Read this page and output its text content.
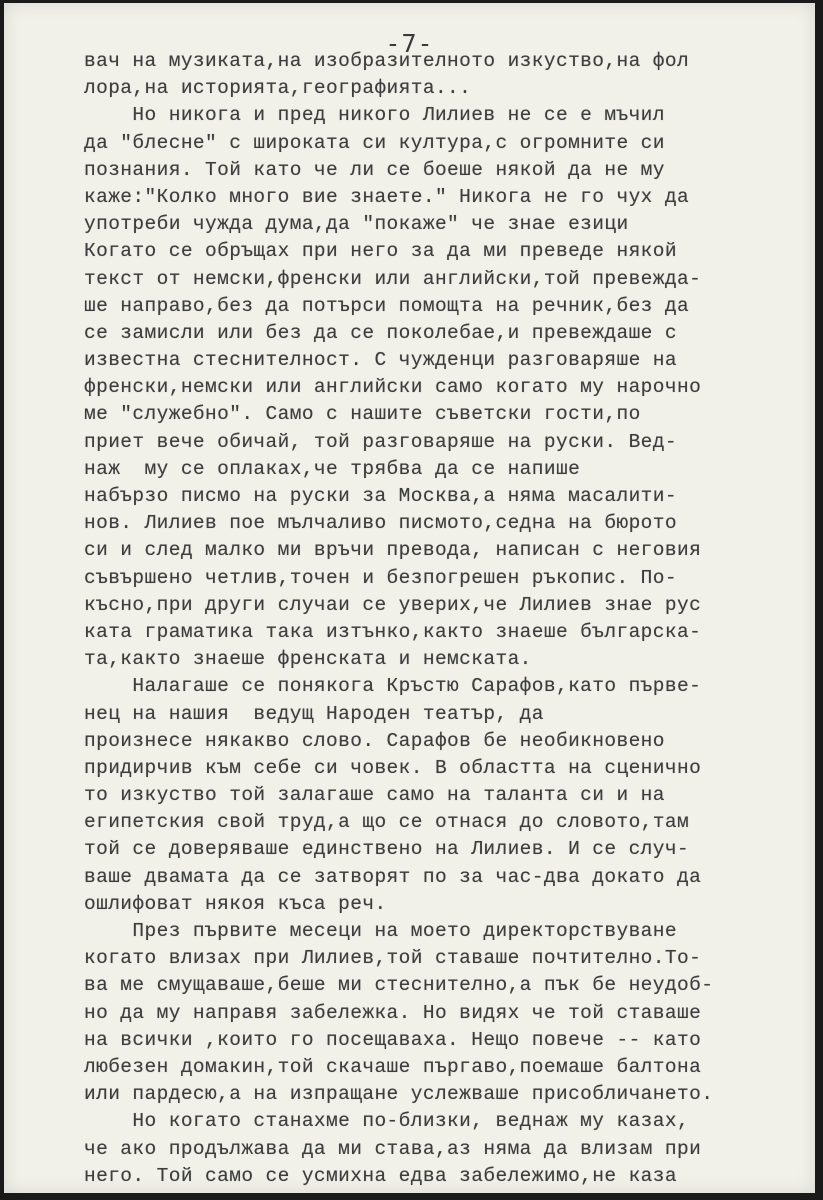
-7-
вач на музиката,на изобразителното изкуство,на фол
лора,на историята,географията...
Но никога и пред никого Лилиев не се е мъчил
да "блесне" с широката си култура,с огромните си
познания. Той като че ли се боеше някой да не му
каже:"Колко много вие знаете." Никога не го чух да
употреби чужда дума,да "покаже" че знае езици
Когато се обръщах при него за да ми преведе някой
текст от немски,френски или английски,той превежда-
ше направо,без да потърси помощта на речник,без да
се замисли или без да се поколебае,и превеждаше с
известна стеснителност. С чужденци разговаряше на
френски,немски или английски само когато му нарочно
ме "служебно". Само с нашите съветски гости,по
приет вече обичай, той разговаряше на руски. Вед-
наж  му се оплаках,че трябва да се напише
набързо писмо на руски за Москва,а няма масалити-
нов. Лилиев пое мълчаливо писмото,седна на бюрото
си и след малко ми връчи превода, написан с неговия
съвършено четлив,точен и безпогрешен ръкопис. По-
късно,при други случаи се уверих,че Лилиев знае рус
ката граматика така изтънко,както знаеше българска-
та,както знаеше френската и немската.
Налагаше се понякога Кръстю Сарафов,като първе-
нец на нашия  ведущ Народен театър, да
произнесе някакво слово. Сарафов бе необикновено
придирчив към себе си човек. В областта на сценично
то изкуство той залагаше само на таланта си и на
египетския свой труд,а що се отнася до словото,там
той се доверяваше единствено на Лилиев. И се случ-
ваше двамата да се затворят по за час-два докато да
ошлифоват някоя къса реч.
През първите месеци на моето директорствуване
когато влизах при Лилиев,той ставаше почтително.То-
ва ме смущаваше,беше ми стеснително,а пък бе неудоб-
но да му направя забележка. Но видях че той ставаше
на всички ,които го посещаваха. Нещо повече -- като
любезен домакин,той скачаше пъргаво,поемаше балтона
или пардесю,а на изпращане услежваше присобличането.
Но когато станахме по-близки, веднаж му казах,
че ако продължава да ми става,аз няма да влизам при
него. Той само се усмихна едва забележимо,не каза
